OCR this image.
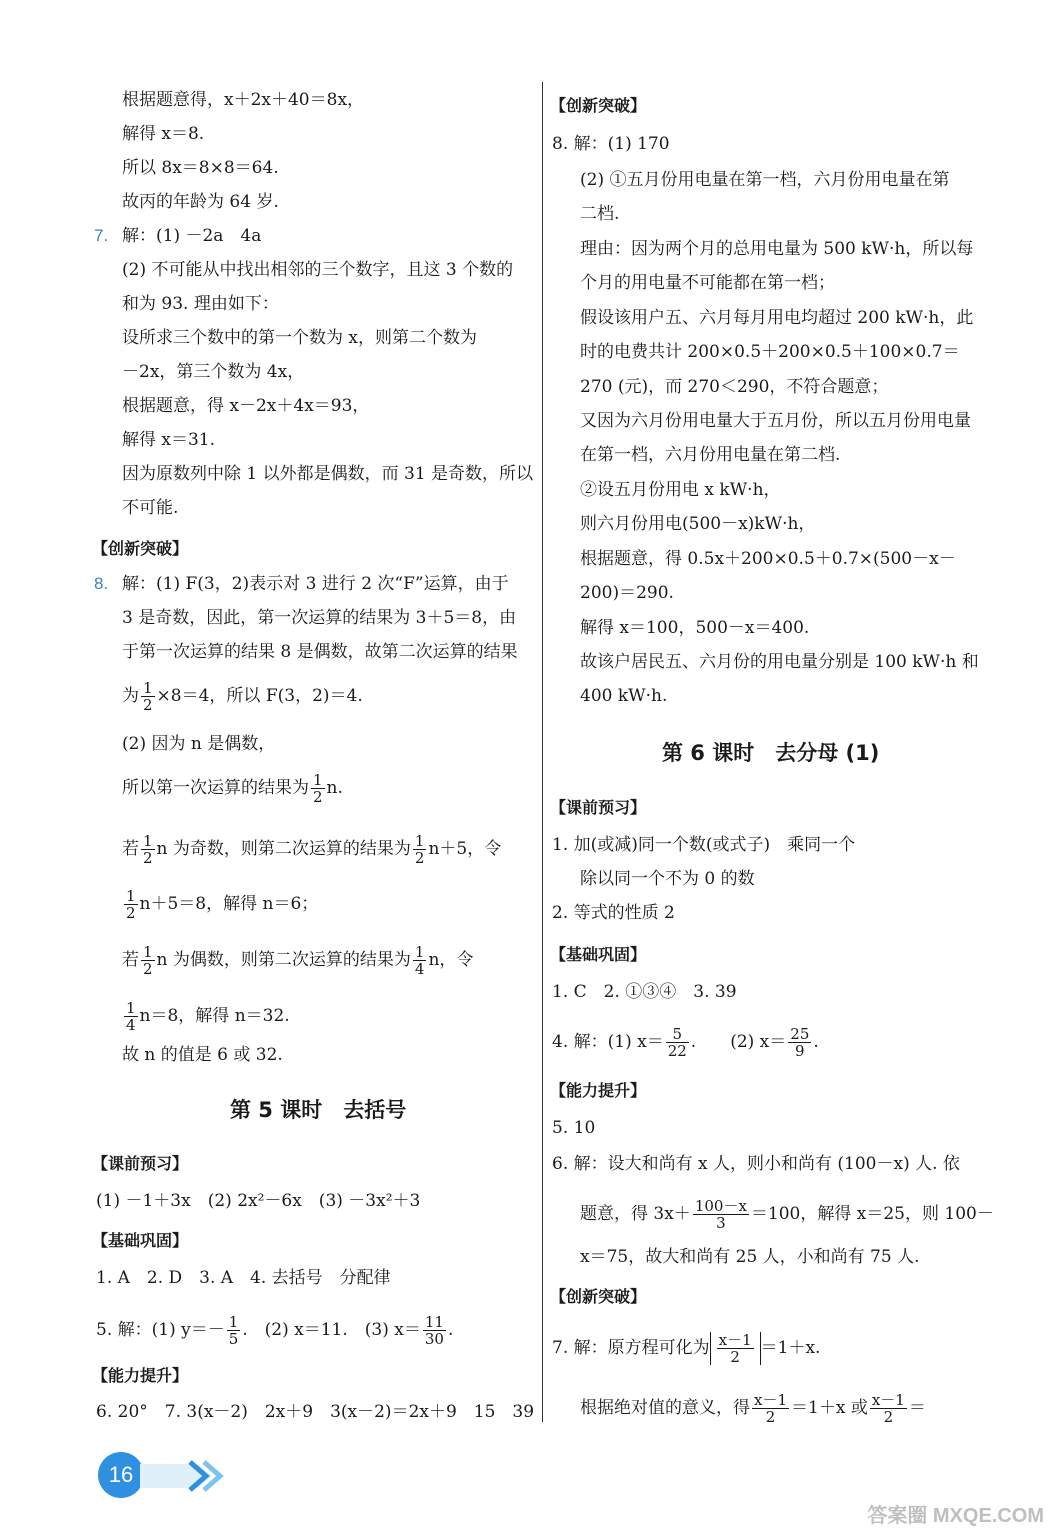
根据题意得，x＋2x＋40＝8x，
解得 x＝8.
所以 8x＝8×8＝64.
故丙的年龄为 64 岁.
7. 解：(1) －2a　4a
(2) 不可能从中找出相邻的三个数字，且这 3 个数的
和为 93. 理由如下：
设所求三个数中的第一个数为 x，则第二个数为
－2x，第三个数为 4x，
根据题意，得 x－2x＋4x＝93，
解得 x＝31.
因为原数列中除 1 以外都是偶数，而 31 是奇数，所以
不可能.
【创新突破】
8. 解：(1) F(3，2)表示对 3 进行 2 次“F”运算，由于
3 是奇数，因此，第一次运算的结果为 3＋5＝8，由
于第一次运算的结果 8 是偶数，故第二次运算的结果
为 $\frac{1}{2} \times 8=4$，所以 F(3，2)＝4.
(2) 因为 n 是偶数，
所以第一次运算的结果为 $\frac{1}{2} n$.
若 $\frac{1}{2}$ n 为奇数，则第二次运算的结果为 $\frac{1}{2} n+5$，令
$\frac{1}{2} n+5=8$，解得 n＝6；
若 $\frac{1}{2}$ n 为偶数，则第二次运算的结果为 $\frac{1}{4}$ n，令
$\frac{1}{4} n=8$，解得 n＝32.
故 n 的值是 6 或 32.
第 5 课时　去括号
【课前预习】
(1) －1＋3x　(2) 2x²－6x　(3) －3x²＋3
【基础巩固】
1. A　2. D　3. A　4. 去括号　分配律
5. 解：(1) $y=- \frac{1}{5}$ .　(2) x＝11.　(3) $x= \frac{11}{30}$ .
【能力提升】
6. 20°　7. 3(x－2)　2x＋9　3(x－2)＝2x＋9　15　39
【创新突破】
8. 解：(1) 170
(2) ①五月份用电量在第一档，六月份用电量在第
二档.
理由：因为两个月的总用电量为 500 kW·h，所以每
个月的用电量不可能都在第一档；
假设该用户五、六月每月用电均超过 200 kW·h，此
时的电费共计 200×0.5＋200×0.5＋100×0.7＝
270 (元)，而 270＜290，不符合题意；
又因为六月份用电量大于五月份，所以五月份用电量
在第一档，六月份用电量在第二档.
②设五月份用电 x kW·h，
则六月份用电(500－x)kW·h，
根据题意，得 0.5x＋200×0.5＋0.7×(500－x－
200)＝290.
解得 x＝100，500－x＝400.
故该户居民五、六月份的用电量分别是 100 kW·h 和
400 kW·h.
第 6 课时　去分母 (1)
【课前预习】
1. 加(或减)同一个数(或式子)　乘同一个
除以同一个不为 0 的数
2. 等式的性质 2
【基础巩固】
1. C　2. ①③④　3. 39
4. 解：(1) $x= \frac{5}{22}$ .　　(2) $x= \frac{25}{9}$ .
【能力提升】
5. 10
6. 解：设大和尚有 x 人，则小和尚有 (100－x) 人. 依
题意，得 $3x+ \frac{100-x}{3} =100$，解得 x＝25，则 100－
x＝75，故大和尚有 25 人，小和尚有 75 人.
【创新突破】
7. 解：原方程可化为 $\frac{x-1}{2} =1+x$.
根据绝对值的意义，得 $\frac{x-1}{2} =1+x$ 或 $\frac{x-1}{2}$ ＝
16
答案圈 MXQE.COM
